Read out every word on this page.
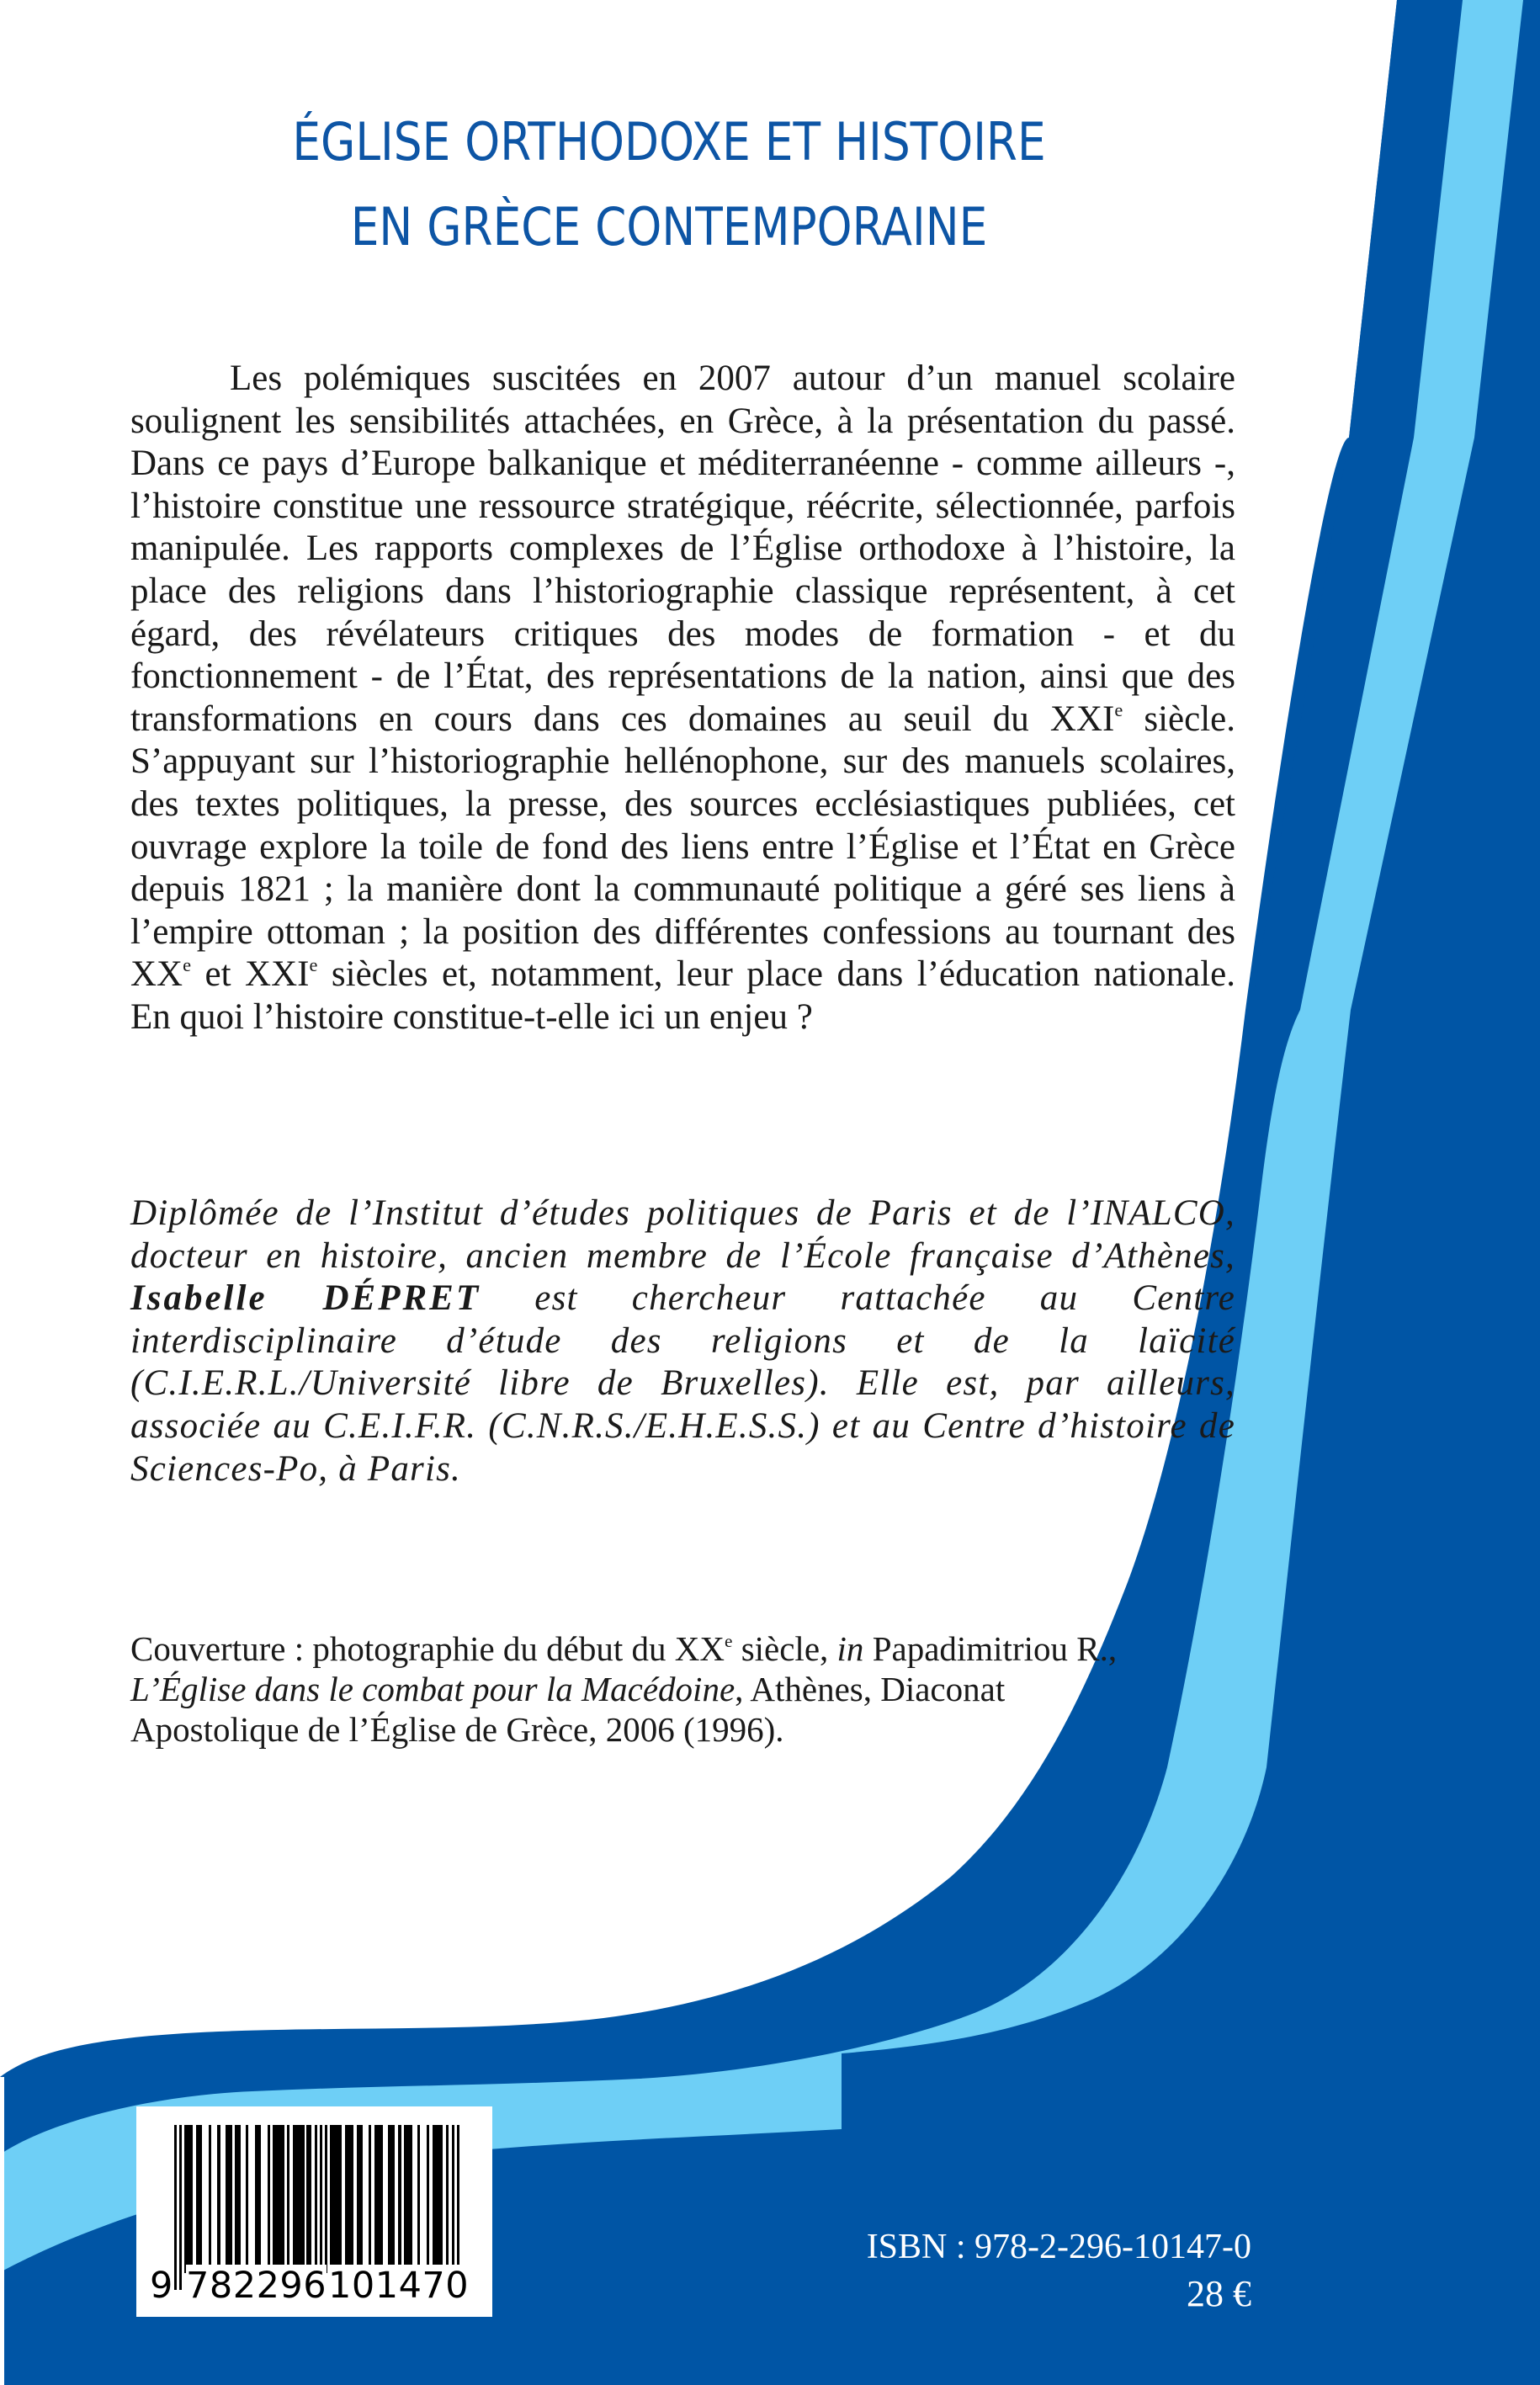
ÉGLISE ORTHODOXE ET HISTOIRE
EN GRÈCE CONTEMPORAINE

Les polémiques suscitées en 2007 autour d’un manuel scolaire soulignent les sensibilités attachées, en Grèce, à la présentation du passé. Dans ce pays d’Europe balkanique et méditerranéenne - comme ailleurs -, l’histoire constitue une ressource stratégique, réécrite, sélectionnée, parfois manipulée. Les rapports complexes de l’Église orthodoxe à l’histoire, la place des religions dans l’historiographie classique représentent, à cet égard, des révélateurs critiques des modes de formation - et du fonctionnement - de l’État, des représentations de la nation, ainsi que des transformations en cours dans ces domaines au seuil du XXIe siècle. S’appuyant sur l’historiographie hellénophone, sur des manuels scolaires, des textes politiques, la presse, des sources ecclésiastiques publiées, cet ouvrage explore la toile de fond des liens entre l’Église et l’État en Grèce depuis 1821 ; la manière dont la communauté politique a géré ses liens à l’empire ottoman ; la position des différentes confessions au tournant des XXe et XXIe siècles et, notamment, leur place dans l’éducation nationale. En quoi l’histoire constitue-t-elle ici un enjeu ?

Diplômée de l’Institut d’études politiques de Paris et de l’INALCO, docteur en histoire, ancien membre de l’École française d’Athènes, Isabelle DÉPRET est chercheur rattachée au Centre interdisciplinaire d’étude des religions et de la laïcité (C.I.E.R.L./Université libre de Bruxelles). Elle est, par ailleurs, associée au C.E.I.F.R. (C.N.R.S./E.H.E.S.S.) et au Centre d’histoire de Sciences-Po, à Paris.

Couverture : photographie du début du XXe siècle, in Papadimitriou R., L’Église dans le combat pour la Macédoine, Athènes, Diaconat Apostolique de l’Église de Grèce, 2006 (1996).

9 782296 101470
ISBN : 978-2-296-10147-0
28 €
